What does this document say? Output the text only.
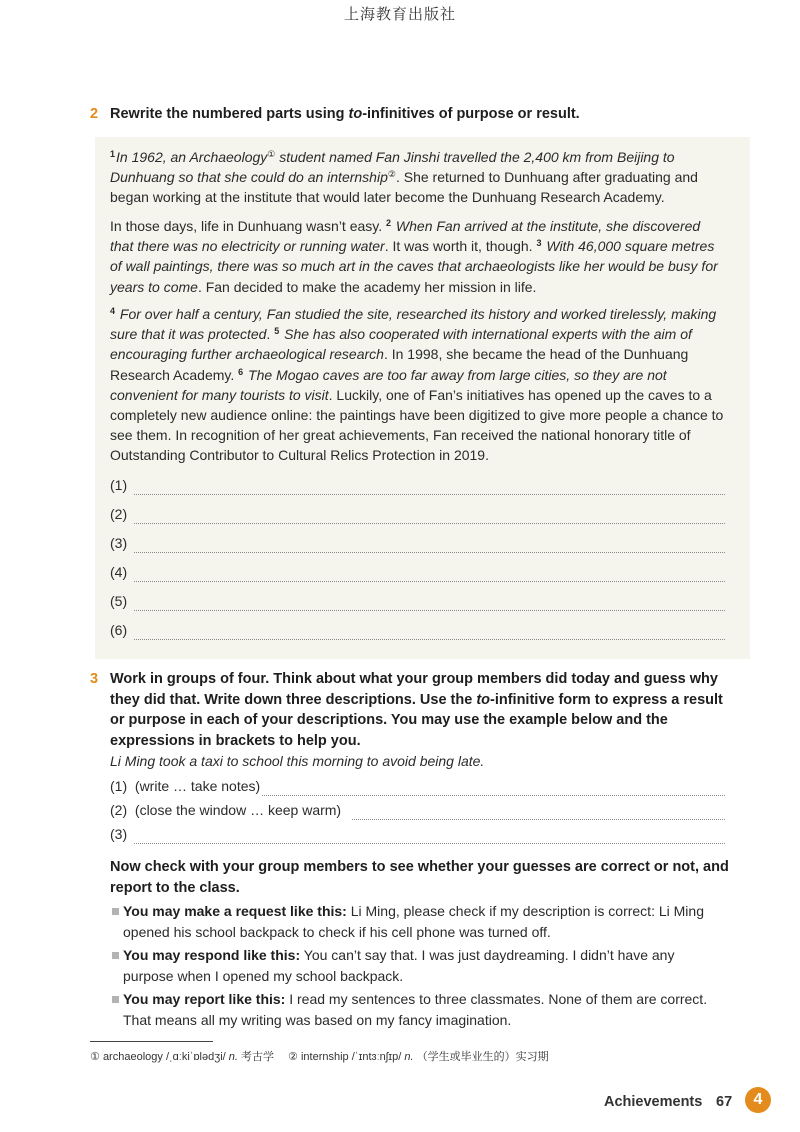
上海教育出版社
2 Rewrite the numbered parts using to-infinitives of purpose or result.

$^1$In 1962, an Archaeology① student named Fan Jinshi travelled the 2,400 km from Beijing to Dunhuang so that she could do an internship②. She returned to Dunhuang after graduating and began working at the institute that would later become the Dunhuang Research Academy.

In those days, life in Dunhuang wasn’t easy. $^2$ When Fan arrived at the institute, she discovered that there was no electricity or running water. It was worth it, though. $^3$ With 46,000 square metres of wall paintings, there was so much art in the caves that archaeologists like her would be busy for years to come. Fan decided to make the academy her mission in life.

$^4$ For over half a century, Fan studied the site, researched its history and worked tirelessly, making sure that it was protected. $^5$ She has also cooperated with international experts with the aim of encouraging further archaeological research. In 1998, she became the head of the Dunhuang Research Academy. $^6$ The Mogao caves are too far away from large cities, so they are not convenient for many tourists to visit. Luckily, one of Fan’s initiatives has opened up the caves to a completely new audience online: the paintings have been digitized to give more people a chance to see them. In recognition of her great achievements, Fan received the national honorary title of Outstanding Contributor to Cultural Relics Protection in 2019.

(1)
(2)
(3)
(4)
(5)
(6)
3 Work in groups of four. Think about what your group members did today and guess why they did that. Write down three descriptions. Use the to-infinitive form to express a result or purpose in each of your descriptions. You may use the example below and the expressions in brackets to help you.
Li Ming took a taxi to school this morning to avoid being late.
(1) (write … take notes)
(2) (close the window … keep warm)
(3)
Now check with your group members to see whether your guesses are correct or not, and report to the class.
You may make a request like this: Li Ming, please check if my description is correct: Li Ming opened his school backpack to check if his cell phone was turned off.
You may respond like this: You can’t say that. I was just daydreaming. I didn’t have any purpose when I opened my school backpack.
You may report like this: I read my sentences to three classmates. None of them are correct. That means all my writing was based on my fancy imagination.
① archaeology /ˌɑːkiˈɒlədʒi/ n. 考古学 ② internship /ˈɪntɜːnʃɪp/ n. （学生或毕业生的）实习期
Achievements 67	4
